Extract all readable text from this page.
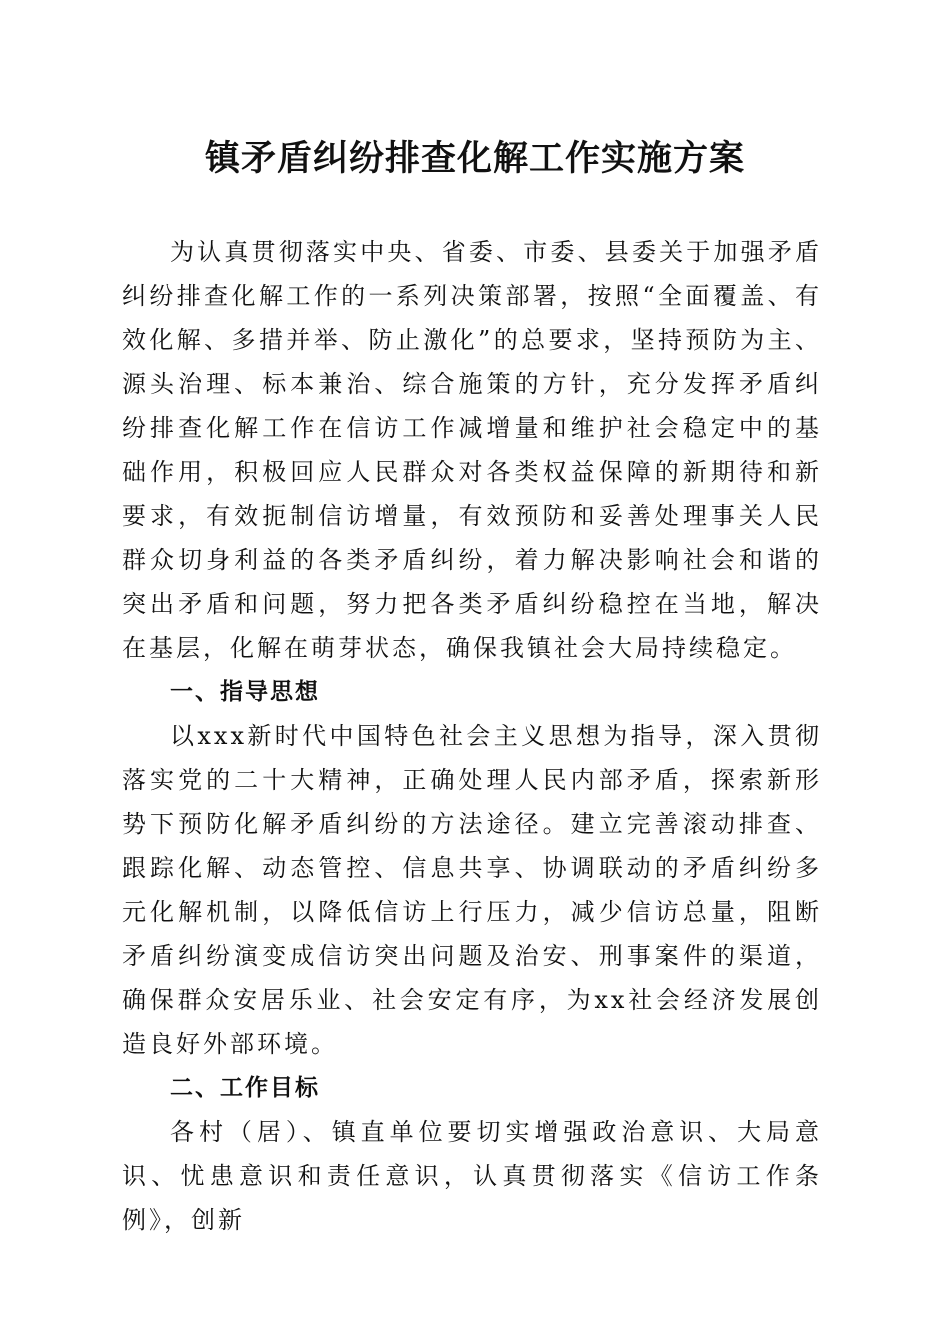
镇矛盾纠纷排查化解工作实施方案

为认真贯彻落实中央、省委、市委、县委关于加强矛盾纠纷排查化解工作的一系列决策部署，按照“全面覆盖、有效化解、多措并举、防止激化”的总要求，坚持预防为主、源头治理、标本兼治、综合施策的方针，充分发挥矛盾纠纷排查化解工作在信访工作减增量和维护社会稳定中的基础作用，积极回应人民群众对各类权益保障的新期待和新要求，有效扼制信访增量，有效预防和妥善处理事关人民群众切身利益的各类矛盾纠纷，着力解决影响社会和谐的突出矛盾和问题，努力把各类矛盾纠纷稳控在当地，解决在基层，化解在萌芽状态，确保我镇社会大局持续稳定。

一、指导思想

以xxx新时代中国特色社会主义思想为指导，深入贯彻落实党的二十大精神，正确处理人民内部矛盾，探索新形势下预防化解矛盾纠纷的方法途径。建立完善滚动排查、跟踪化解、动态管控、信息共享、协调联动的矛盾纠纷多元化解机制，以降低信访上行压力，减少信访总量，阻断矛盾纠纷演变成信访突出问题及治安、刑事案件的渠道，确保群众安居乐业、社会安定有序，为xx社会经济发展创造良好外部环境。

二、工作目标

各村（居）、镇直单位要切实增强政治意识、大局意识、忧患意识和责任意识，认真贯彻落实《信访工作条例》，创新
